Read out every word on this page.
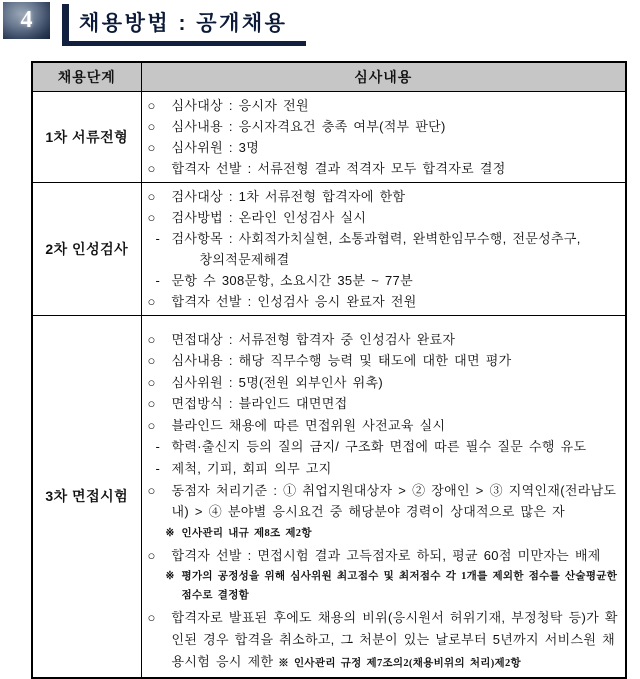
4 채용방법 : 공개채용
채용단계	심사내용
1차 서류전형	
○	심사대상 : 응시자 전원
○	심사내용 : 응시자격요건 충족 여부(적부 판단)
○	심사위원 : 3명
○	합격자 선발 : 서류전형 결과 적격자 모두 합격자로 결정

2차 인성검사	
○	검사대상 : 1차 서류전형 합격자에 한함
○	검사방법 : 온라인 인성검사 실시
- 검사항목 : 사회적가치실현, 소통과협력, 완벽한임무수행, 전문성추구,
창의적문제해결
- 문항 수 308문항, 소요시간 35분 ~ 77분
○	합격자 선발 : 인성검사 응시 완료자 전원

3차 면접시험	
○	면접대상 : 서류전형 합격자 중 인성검사 완료자
○	심사내용 : 해당 직무수행 능력 및 태도에 대한 대면 평가
○	심사위원 : 5명(전원 외부인사 위촉)
○	면접방식 : 블라인드 대면면접
○	블라인드 채용에 따른 면접위원 사전교육 실시
- 학력·출신지 등의 질의 금지/ 구조화 면접에 따른 필수 질문 수행 유도
- 제척, 기피, 회피 의무 고지
○	동점자 처리기준 : ① 취업지원대상자 > ② 장애인 > ③ 지역인재(전라남도 내) > ④ 분야별 응시요건 중 해당분야 경력이 상대적으로 많은 자
※ 인사관리 내규 제8조 제2항
○	합격자 선발 : 면접시험 결과 고득점자로 하되, 평균 60점 미만자는 배제
※ 평가의 공정성을 위해 심사위원 최고점수 및 최저점수 각 1개를 제외한 점수를 산술평균한 점수로 결정함
○	합격자로 발표된 후에도 채용의 비위(응시원서 허위기재, 부정청탁 등)가 확인된 경우 합격을 취소하고, 그 처분이 있는 날로부터 5년까지 서비스원 채용시험 응시 제한 ※ 인사관리 규정 제7조의2(채용비위의 처리)제2항
